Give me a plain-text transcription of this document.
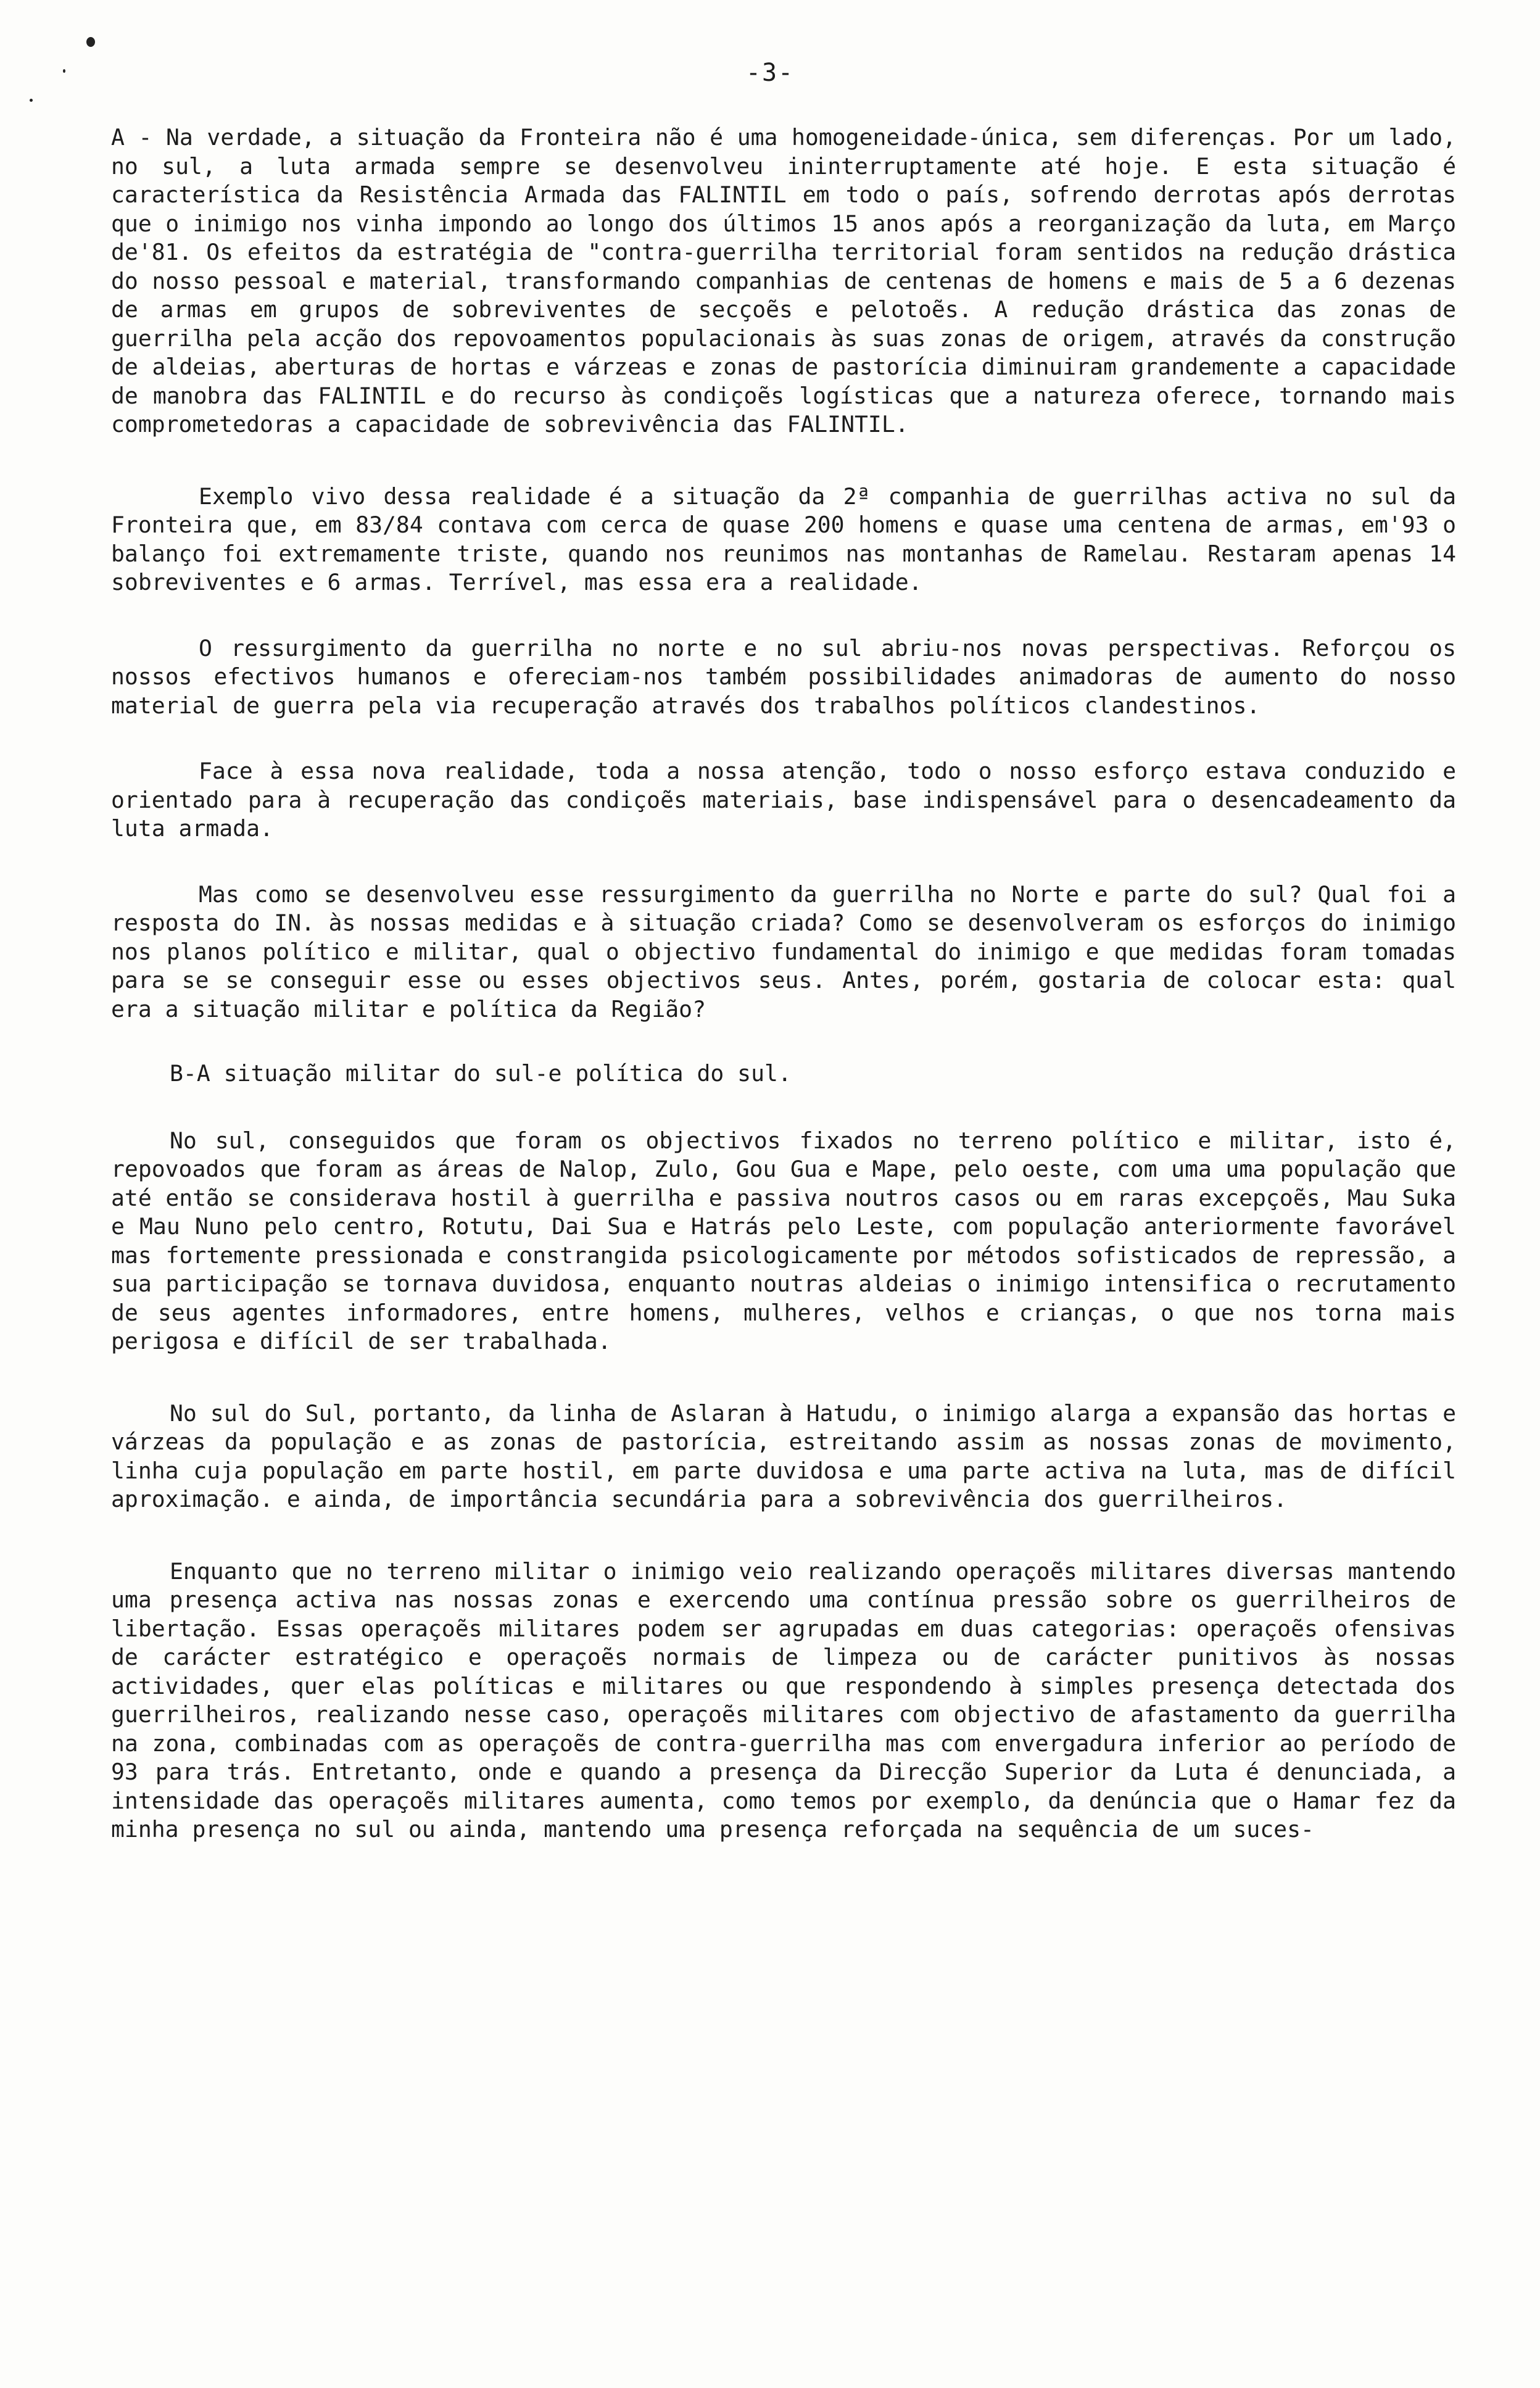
-3-

A - Na verdade, a situação da Fronteira não é uma homogeneidade-única, sem diferenças. Por um lado, no sul, a luta armada sempre se desenvolveu ininterruptamente até hoje. E esta situação é característica da Resistência Armada das FALINTIL em todo o país, sofrendo derrotas após derrotas que o inimigo nos vinha impondo ao longo dos últimos 15 anos após a reorganização da luta, em Março de'81. Os efeitos da estratégia de "contra-guerrilha territorial foram sentidos na redução drástica do nosso pessoal e material, transformando companhias de centenas de homens e mais de 5 a 6 dezenas de armas em grupos de sobreviventes de secçoẽs e pelotoẽs. A redução drástica das zonas de guerrilha pela acção dos repovoamentos populacionais às suas zonas de origem, através da construção de aldeias, aberturas de hortas e várzeas e zonas de pastorícia diminuiram grandemente a capacidade de manobra das FALINTIL e do recurso às condiçoẽs logísticas que a natureza oferece, tornando mais comprometedoras a capacidade de sobrevivência das FALINTIL.

Exemplo vivo dessa realidade é a situação da 2ª companhia de guerrilhas activa no sul da Fronteira que, em 83/84 contava com cerca de quase 200 homens e quase uma centena de armas, em'93 o balanço foi extremamente triste, quando nos reunimos nas montanhas de Ramelau. Restaram apenas 14 sobreviventes e 6 armas. Terrível, mas essa era a realidade.

O ressurgimento da guerrilha no norte e no sul abriu-nos novas perspectivas. Reforçou os nossos efectivos humanos e ofereciam-nos também possibilidades animadoras de aumento do nosso material de guerra pela via recuperação através dos trabalhos políticos clandestinos.

Face à essa nova realidade, toda a nossa atenção, todo o nosso esforço estava conduzido e orientado para à recuperação das condiçoẽs materiais, base indispensável para o desencadeamento da luta armada.

Mas como se desenvolveu esse ressurgimento da guerrilha no Norte e parte do sul? Qual foi a resposta do IN. às nossas medidas e à situação criada? Como se desenvolveram os esforços do inimigo nos planos político e militar, qual o objectivo fundamental do inimigo e que medidas foram tomadas para se se conseguir esse ou esses objectivos seus. Antes, porém, gostaria de colocar esta: qual era a situação militar e política da Região?

B-A situação militar do sul-e política do sul.

No sul, conseguidos que foram os objectivos fixados no terreno político e militar, isto é, repovoados que foram as áreas de Nalop, Zulo, Gou Gua e Mape, pelo oeste, com uma uma população que até então se considerava hostil à guerrilha e passiva noutros casos ou em raras excepçoẽs, Mau Suka e Mau Nuno pelo centro, Rotutu, Dai Sua e Hatrás pelo Leste, com população anteriormente favorável mas fortemente pressionada e constrangida psicologicamente por métodos sofisticados de repressão, a sua participação se tornava duvidosa, enquanto noutras aldeias o inimigo intensifica o recrutamento de seus agentes informadores, entre homens, mulheres, velhos e crianças, o que nos torna mais perigosa e difícil de ser trabalhada.

No sul do Sul, portanto, da linha de Aslaran à Hatudu, o inimigo alarga a expansão das hortas e várzeas da população e as zonas de pastorícia, estreitando assim as nossas zonas de movimento, linha cuja população em parte hostil, em parte duvidosa e uma parte activa na luta, mas de difícil aproximação. e ainda, de importância secundária para a sobrevivência dos guerrilheiros.

Enquanto que no terreno militar o inimigo veio realizando operaçoẽs militares diversas mantendo uma presença activa nas nossas zonas e exercendo uma contínua pressão sobre os guerrilheiros de libertação. Essas operaçoẽs militares podem ser agrupadas em duas categorias: operaçoẽs ofensivas de carácter estratégico e operaçoẽs normais de limpeza ou de carácter punitivos às nossas actividades, quer elas políticas e militares ou que respondendo à simples presença detectada dos guerrilheiros, realizando nesse caso, operaçoẽs militares com objectivo de afastamento da guerrilha na zona, combinadas com as operaçoẽs de contra-guerrilha mas com envergadura inferior ao período de 93 para trás. Entretanto, onde e quando a presença da Direcção Superior da Luta é denunciada, a intensidade das operaçoẽs militares aumenta, como temos por exemplo, da denúncia que o Hamar fez da minha presença no sul ou ainda, mantendo uma presença reforçada na sequência de um suces-
